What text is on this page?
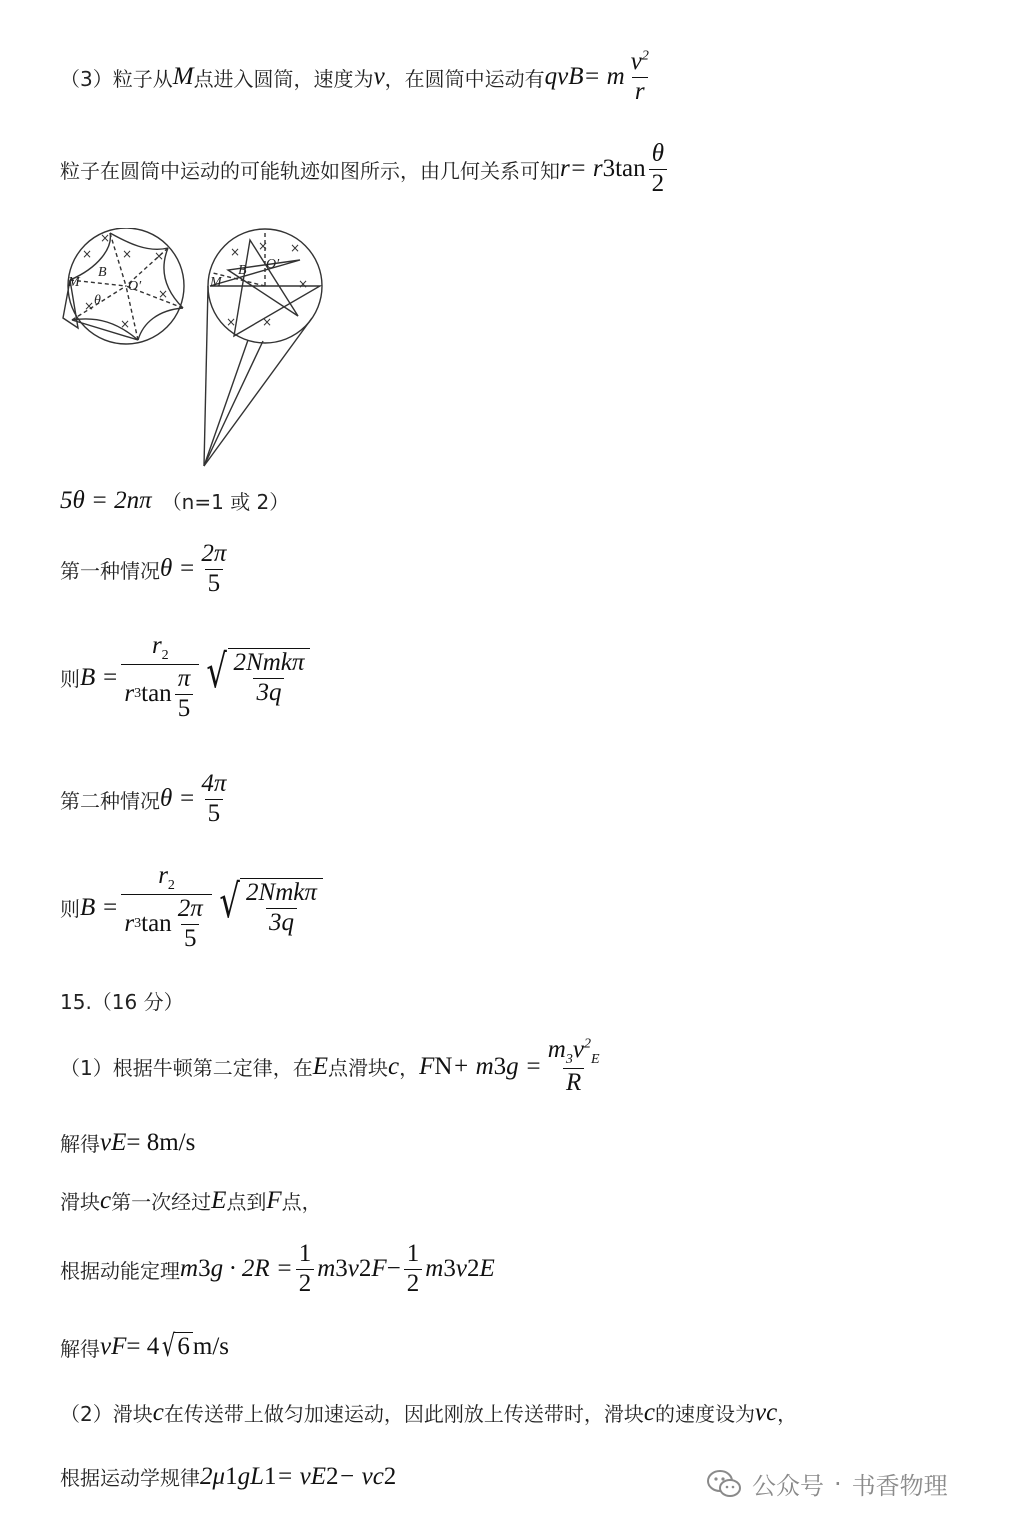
（3）粒子从 M 点进入圆筒，速度为 v ，在圆筒中运动有 qvB = m $\frac{v^2}{r}$
粒子在圆筒中运动的可能轨迹如图所示，由几何关系可知 r = r 3 $\tan \frac{\theta}{2}$
M
B
O′
θ
M
B O′
×
× ×
×
×
×
×
× × ×
×
× ×
5θ = 2nπ （n=1 或 2）
第一种情况 $\theta = \frac{2\pi}{5}$
则 $B = \frac{r_2}{r 3 \tan \frac{\pi}{5}}$ √ $\frac{\text{2Nmkπ}}{3q}$
第二种情况 $\theta = \frac{4\pi}{5}$
则 $B = \frac{r_2}{r 3 \tan \frac{2\pi}{5}}$ √ $\frac{\text{2Nmkπ}}{3q}$
15.（16 分）
（1）根据牛顿第二定律，在 E 点滑块 c ， F N + m 3 $g = \frac{m_3v^2_E}{R}$
解得 v E = 8m/s
滑块 c 第一次经过 E 点到 F 点，
根据动能定理 m 3 $g \cdot 2R = \frac{1}{2}$ m 3 v 2 $F - \frac{1}{2}$ m 3 v 2 E
解得 v F = 4 √ 6 m/s
（2）滑块 c 在传送带上做匀加速运动，因此刚放上传送带时，滑块 c 的速度设为 v c ，
根据运动学规律 2μ 1 gL 1 = v E 2 − v c 2	公众号 · 书香物理
